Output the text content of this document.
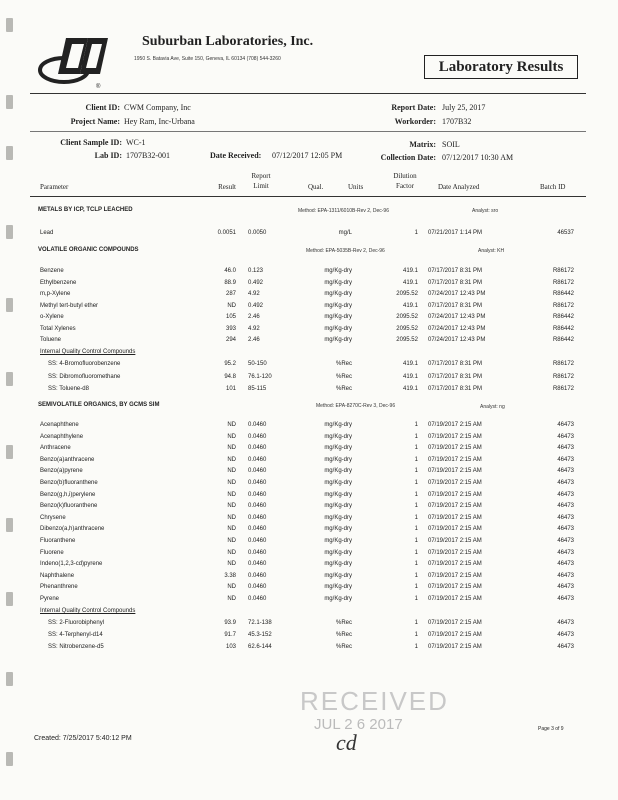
®
Suburban Laboratories, Inc.
1950 S. Batavia Ave, Suite 150, Geneva, IL 60134 (708) 544-3260	Laboratory Results
Client ID: CWM Company, Inc
Project Name: Hey Ram, Inc-Urbana
Report Date: July 25, 2017
Workorder: 1707B32
Client Sample ID: WC-1
Lab ID: 1707B32-001	Date Received: 07/12/2017 12:05 PM
Matrix: SOIL
Collection Date: 07/12/2017 10:30 AM
Parameter	Result
Report
Limit	Qual.	Units
Dilution
Factor	Date Analyzed	Batch ID
METALS BY ICP, TCLP LEACHED	Method: EPA-1311/6010B-Rev 2, Dec-96	Analyst: sro
VOLATILE ORGANIC COMPOUNDS	Method: EPA-5035B-Rev 2, Dec-96	Analyst: KH
Internal Quality Control Compounds
SEMIVOLATILE ORGANICS, BY GCMS SIM	Method: EPA-8270C-Rev 3, Dec-96	Analyst: ng
Internal Quality Control Compounds
Lead	0.0051 0.0050	mg/L	1 07/21/2017 1:14 PM	46537
Benzene	46.0 0.123	mg/Kg-dry	419.1 07/17/2017 8:31 PM	R86172
Ethylbenzene	88.9 0.492	mg/Kg-dry	419.1 07/17/2017 8:31 PM	R86172
m,p-Xylene	287 4.92	mg/Kg-dry	2095.52 07/24/2017 12:43 PM	R86442
Methyl tert-butyl ether	ND 0.492	mg/Kg-dry	419.1 07/17/2017 8:31 PM	R86172
o-Xylene	105 2.46	mg/Kg-dry	2095.52 07/24/2017 12:43 PM	R86442
Total Xylenes	393 4.92	mg/Kg-dry	2095.52 07/24/2017 12:43 PM	R86442
Toluene	294 2.46	mg/Kg-dry	2095.52 07/24/2017 12:43 PM	R86442
SS: 4-Bromofluorobenzene	95.2 50-150	%Rec	419.1 07/17/2017 8:31 PM	R86172
SS: Dibromofluoromethane	94.8 76.1-120	%Rec	419.1 07/17/2017 8:31 PM	R86172
SS: Toluene-d8	101 85-115	%Rec	419.1 07/17/2017 8:31 PM	R86172
Acenaphthene	ND 0.0460	mg/Kg-dry	1 07/19/2017 2:15 AM	46473
Acenaphthylene	ND 0.0460	mg/Kg-dry	1 07/19/2017 2:15 AM	46473
Anthracene	ND 0.0460	mg/Kg-dry	1 07/19/2017 2:15 AM	46473
Benzo(a)anthracene	ND 0.0460	mg/Kg-dry	1 07/19/2017 2:15 AM	46473
Benzo(a)pyrene	ND 0.0460	mg/Kg-dry	1 07/19/2017 2:15 AM	46473
Benzo(b)fluoranthene	ND 0.0460	mg/Kg-dry	1 07/19/2017 2:15 AM	46473
Benzo(g,h,i)perylene	ND 0.0460	mg/Kg-dry	1 07/19/2017 2:15 AM	46473
Benzo(k)fluoranthene	ND 0.0460	mg/Kg-dry	1 07/19/2017 2:15 AM	46473
Chrysene	ND 0.0460	mg/Kg-dry	1 07/19/2017 2:15 AM	46473
Dibenzo(a,h)anthracene	ND 0.0460	mg/Kg-dry	1 07/19/2017 2:15 AM	46473
Fluoranthene	ND 0.0460	mg/Kg-dry	1 07/19/2017 2:15 AM	46473
Fluorene	ND 0.0460	mg/Kg-dry	1 07/19/2017 2:15 AM	46473
Indeno(1,2,3-cd)pyrene	ND 0.0460	mg/Kg-dry	1 07/19/2017 2:15 AM	46473
Naphthalene	3.38 0.0460	mg/Kg-dry	1 07/19/2017 2:15 AM	46473
Phenanthrene	ND 0.0460	mg/Kg-dry	1 07/19/2017 2:15 AM	46473
Pyrene	ND 0.0460	mg/Kg-dry	1 07/19/2017 2:15 AM	46473
SS: 2-Fluorobiphenyl	93.9 72.1-138	%Rec	1 07/19/2017 2:15 AM	46473
SS: 4-Terphenyl-d14	91.7 45.3-152	%Rec	1 07/19/2017 2:15 AM	46473
SS: Nitrobenzene-d5	103 62.6-144	%Rec	1 07/19/2017 2:15 AM	46473
RECEIVED
JUL 2 6 2017
cd
Created: 7/25/2017 5:40:12 PM
Page 3 of 9
